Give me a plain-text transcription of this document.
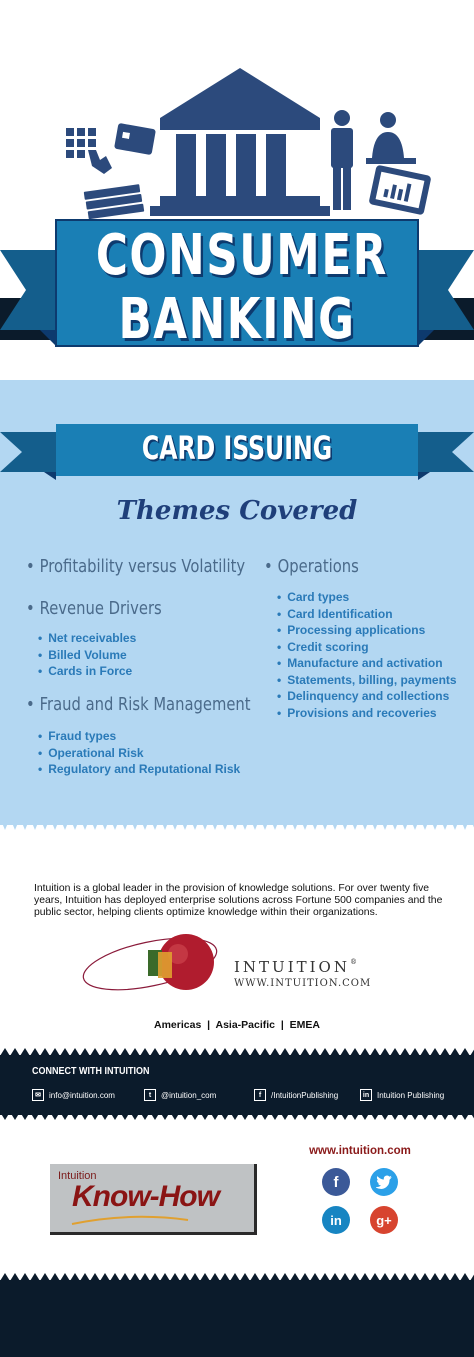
CONSUMER
BANKING
CARD ISSUING
Themes Covered
• Profitability versus Volatility
• Revenue Drivers
• Net receivables
• Billed Volume
• Cards in Force
• Fraud and Risk Management
• Fraud types
• Operational Risk
• Regulatory and Reputational Risk
• Operations
• Card types
• Card Identification
• Processing applications
• Credit scoring
• Manufacture and activation
• Statements, billing, payments
• Delinquency and collections
• Provisions and recoveries
Intuition is a global leader in the provision of knowledge solutions. For over twenty five years, Intuition has deployed enterprise solutions across Fortune 500 companies and the public sector, helping clients optimize knowledge within their organizations.
INTUITION®
WWW.INTUITION.COM
Americas  |  Asia-Pacific  |  EMEA
CONNECT WITH INTUITION
✉	info@intuition.com	t	@intuition_com	f	/IntuitionPublishing	in Intuition Publishing
www.intuition.com
Intuition
Know-How	f
in	g+
